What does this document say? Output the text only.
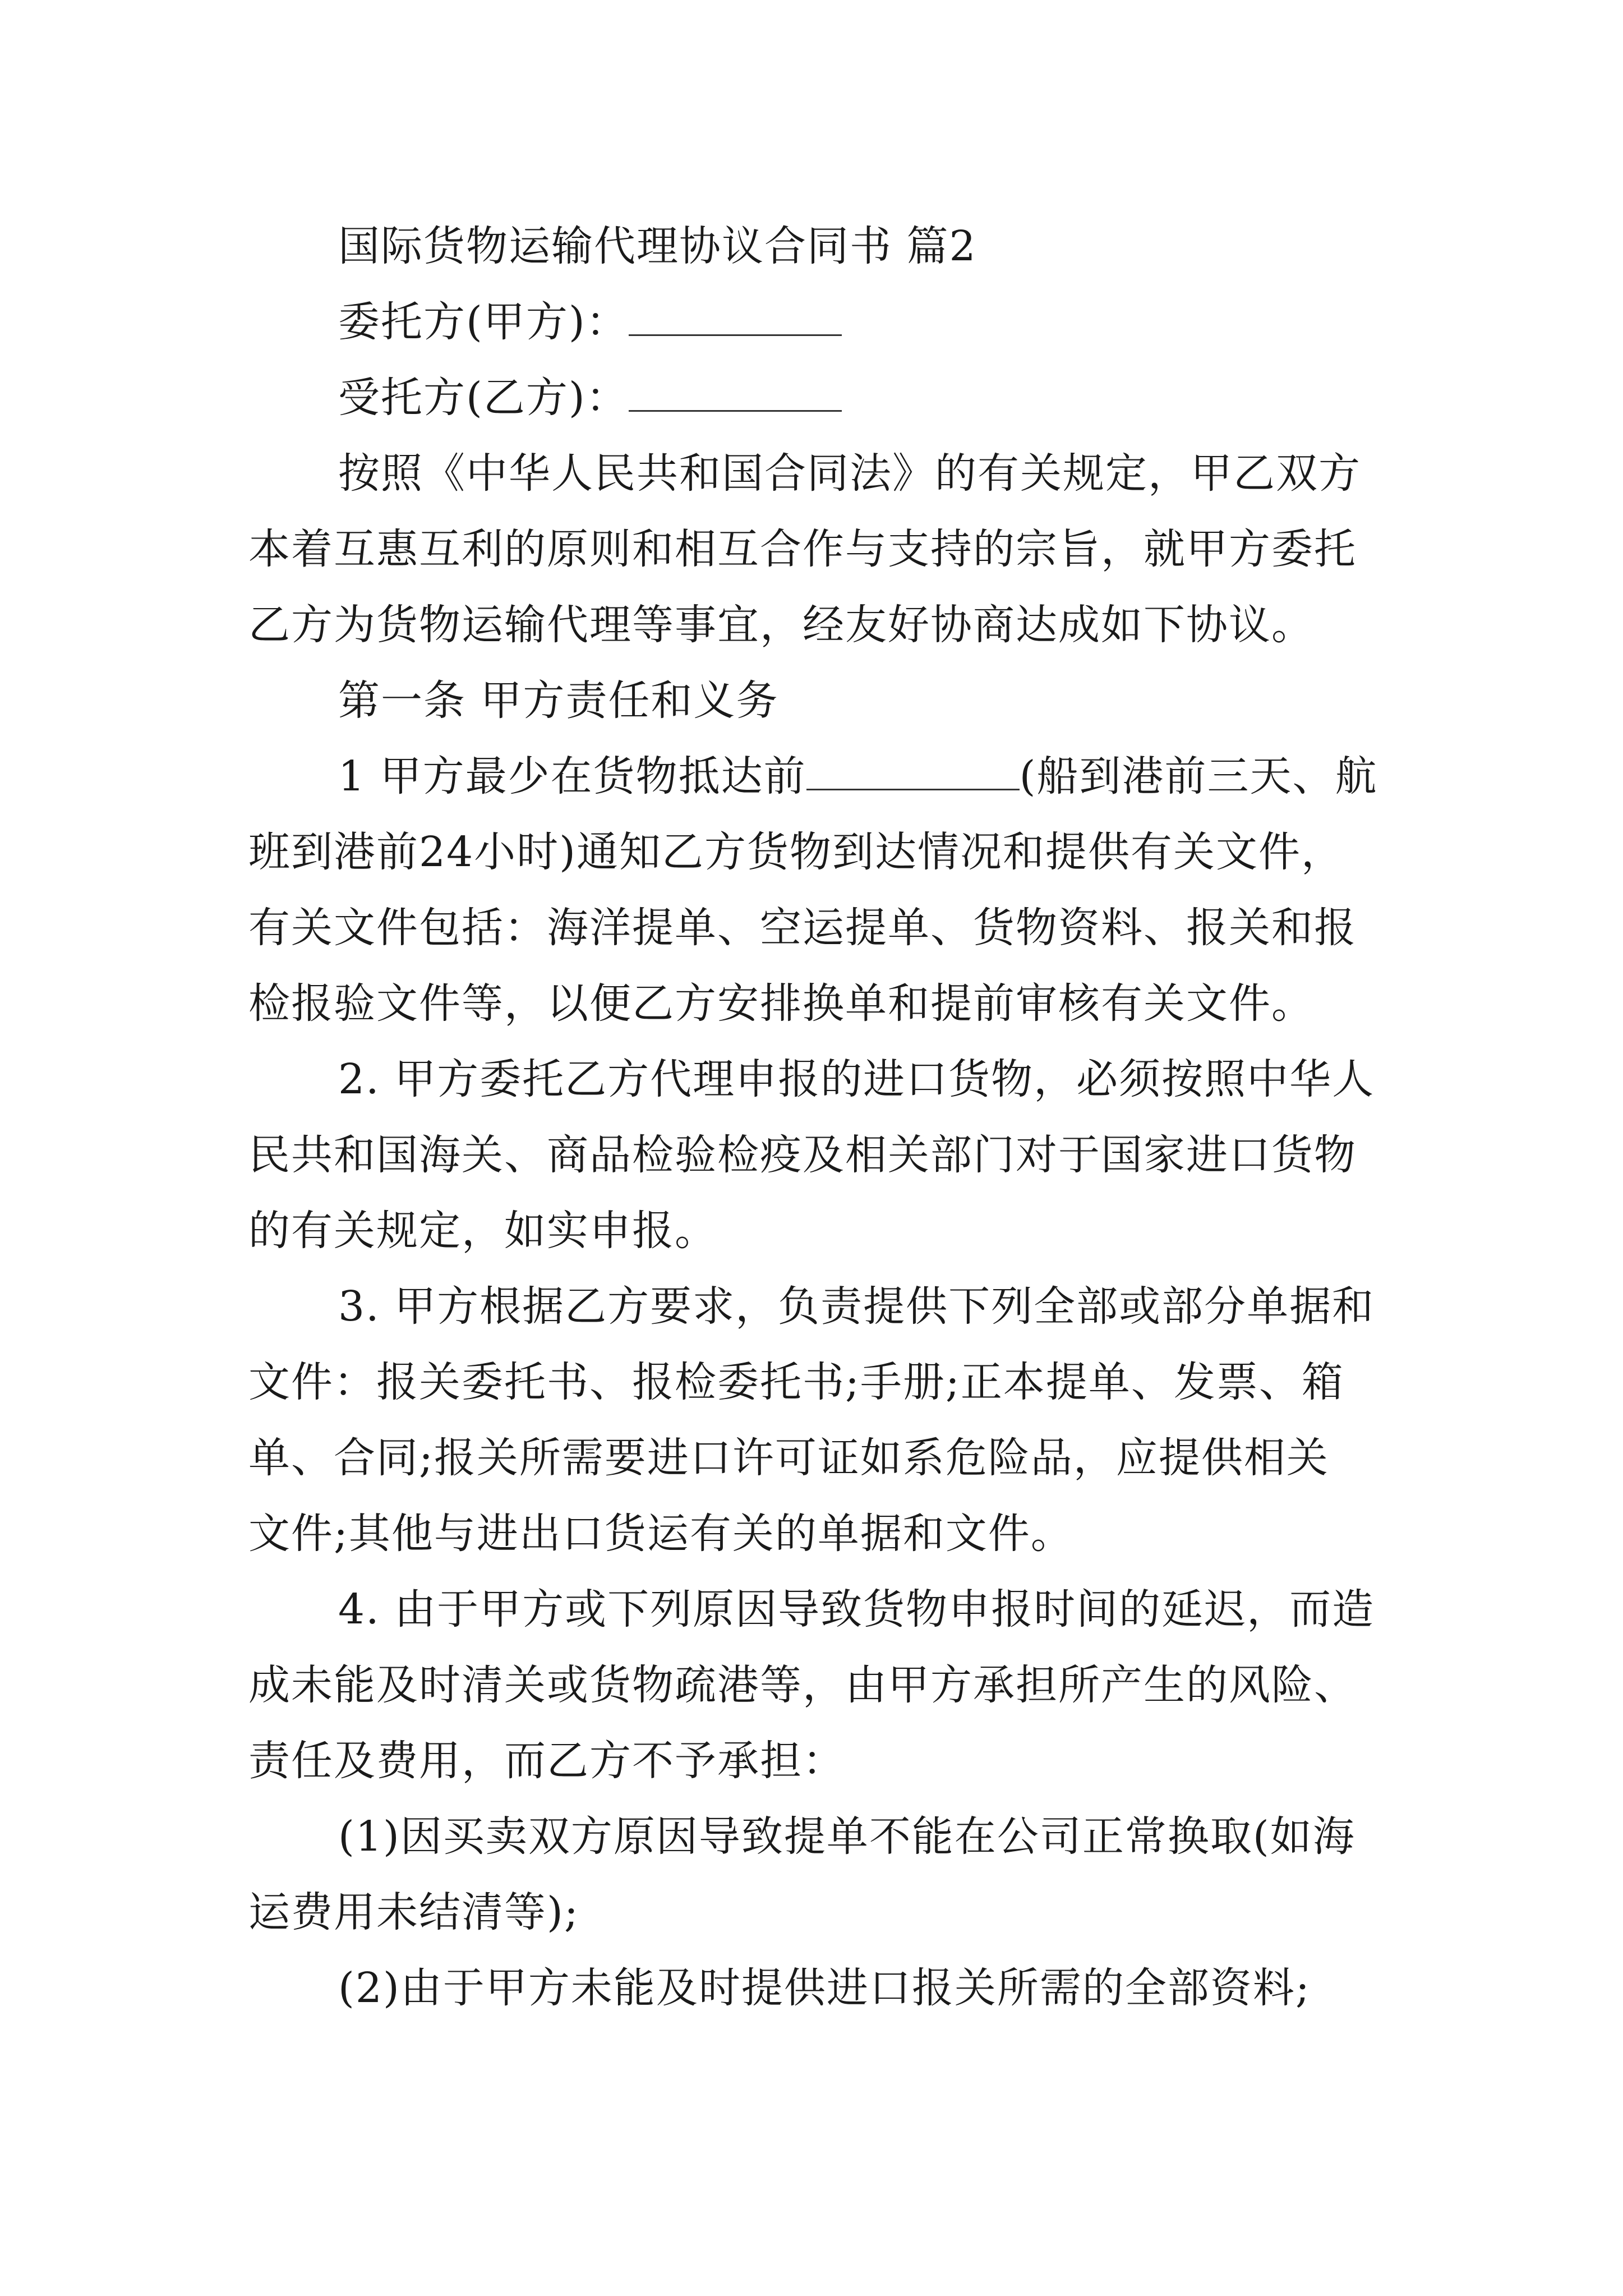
国际货物运输代理协议合同书 篇2
委托方(甲方)：
受托方(乙方)：
按照《中华人民共和国合同法》的有关规定，甲乙双方
本着互惠互利的原则和相互合作与支持的宗旨，就甲方委托
乙方为货物运输代理等事宜，经友好协商达成如下协议。
第一条 甲方责任和义务
1 甲方最少在货物抵达前	(船到港前三天、航
班到港前24小时)通知乙方货物到达情况和提供有关文件，
有关文件包括：海洋提单、空运提单、货物资料、报关和报
检报验文件等，以便乙方安排换单和提前审核有关文件。
2. 甲方委托乙方代理申报的进口货物，必须按照中华人
民共和国海关、商品检验检疫及相关部门对于国家进口货物
的有关规定，如实申报。
3. 甲方根据乙方要求，负责提供下列全部或部分单据和
文件：报关委托书、报检委托书;手册;正本提单、发票、箱
单、合同;报关所需要进口许可证如系危险品，应提供相关
文件;其他与进出口货运有关的单据和文件。
4. 由于甲方或下列原因导致货物申报时间的延迟，而造
成未能及时清关或货物疏港等，由甲方承担所产生的风险、
责任及费用，而乙方不予承担：
(1)因买卖双方原因导致提单不能在公司正常换取(如海
运费用未结清等);
(2)由于甲方未能及时提供进口报关所需的全部资料;
